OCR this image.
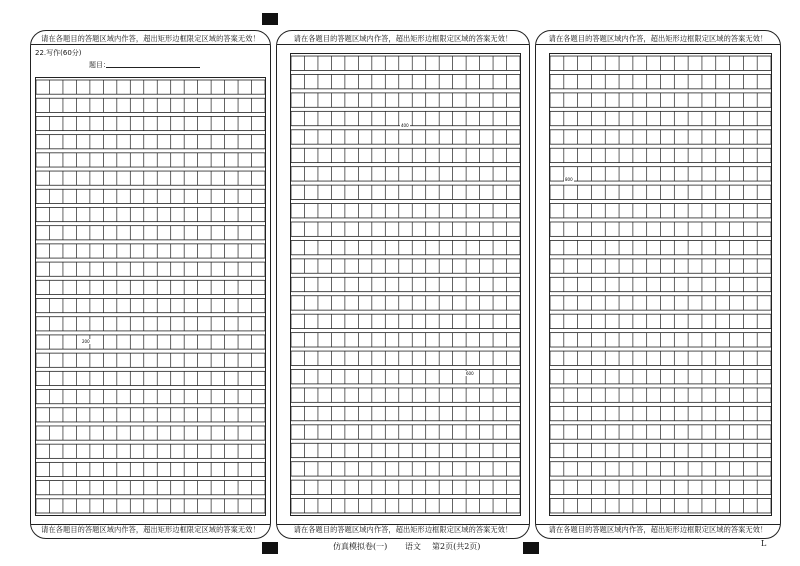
请在各题目的答题区域内作答，超出矩形边框限定区域的答案无效！
22.写作(60分)
题目：
200
请在各题目的答题区域内作答，超出矩形边框限定区域的答案无效！
请在各题目的答题区域内作答，超出矩形边框限定区域的答案无效！
400
600
请在各题目的答题区域内作答，超出矩形边框限定区域的答案无效！
请在各题目的答题区域内作答，超出矩形边框限定区域的答案无效！
800
请在各题目的答题区域内作答，超出矩形边框限定区域的答案无效！
仿真模拟卷(一) 语文 第2页(共2页)	L
